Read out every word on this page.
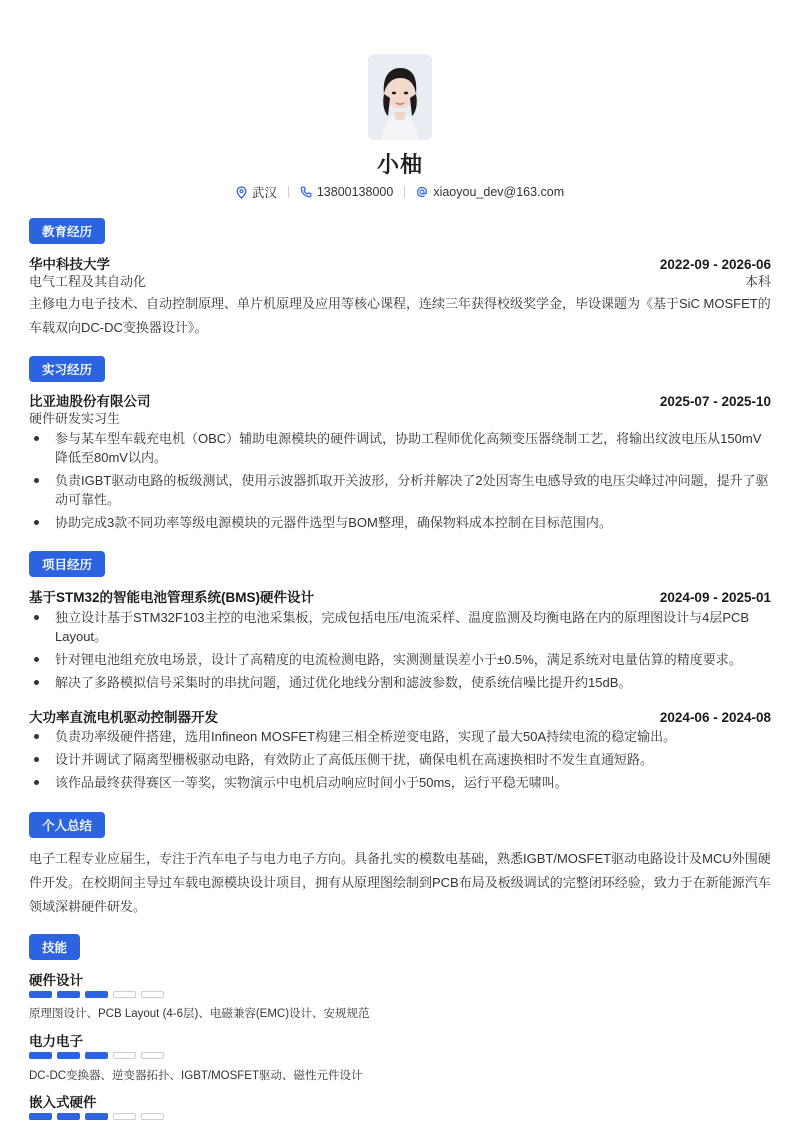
小柚
武汉	13800138000	xiaoyou_dev@163.com
教育经历
华中科技大学	2022-09 - 2026-06
电气工程及其自动化	本科
主修电力电子技术、自动控制原理、单片机原理及应用等核心课程，连续三年获得校级奖学金，毕设课题为《基于SiC MOSFET的车载双向DC-DC变换器设计》。
实习经历
比亚迪股份有限公司	2025-07 - 2025-10
硬件研发实习生
参与某车型车载充电机（OBC）辅助电源模块的硬件调试，协助工程师优化高频变压器绕制工艺，将输出纹波电压从150mV降低至80mV以内。
负责IGBT驱动电路的板级测试，使用示波器抓取开关波形，分析并解决了2处因寄生电感导致的电压尖峰过冲问题，提升了驱动可靠性。
协助完成3款不同功率等级电源模块的元器件选型与BOM整理，确保物料成本控制在目标范围内。
项目经历
基于STM32的智能电池管理系统(BMS)硬件设计	2024-09 - 2025-01
独立设计基于STM32F103主控的电池采集板，完成包括电压/电流采样、温度监测及均衡电路在内的原理图设计与4层PCB Layout。
针对锂电池组充放电场景，设计了高精度的电流检测电路，实测测量误差小于±0.5%，满足系统对电量估算的精度要求。
解决了多路模拟信号采集时的串扰问题，通过优化地线分割和滤波参数，使系统信噪比提升约15dB。
大功率直流电机驱动控制器开发	2024-06 - 2024-08
负责功率级硬件搭建，选用Infineon MOSFET构建三相全桥逆变电路，实现了最大50A持续电流的稳定输出。
设计并调试了隔离型栅极驱动电路，有效防止了高低压侧干扰，确保电机在高速换相时不发生直通短路。
该作品最终获得赛区一等奖，实物演示中电机启动响应时间小于50ms，运行平稳无啸叫。
个人总结
电子工程专业应届生，专注于汽车电子与电力电子方向。具备扎实的模数电基础，熟悉IGBT/MOSFET驱动电路设计及MCU外围硬件开发。在校期间主导过车载电源模块设计项目，拥有从原理图绘制到PCB布局及板级调试的完整闭环经验，致力于在新能源汽车领域深耕硬件研发。
技能
硬件设计
原理图设计、PCB Layout (4-6层)、电磁兼容(EMC)设计、安规规范
电力电子
DC-DC变换器、逆变器拓扑、IGBT/MOSFET驱动、磁性元件设计
嵌入式硬件
